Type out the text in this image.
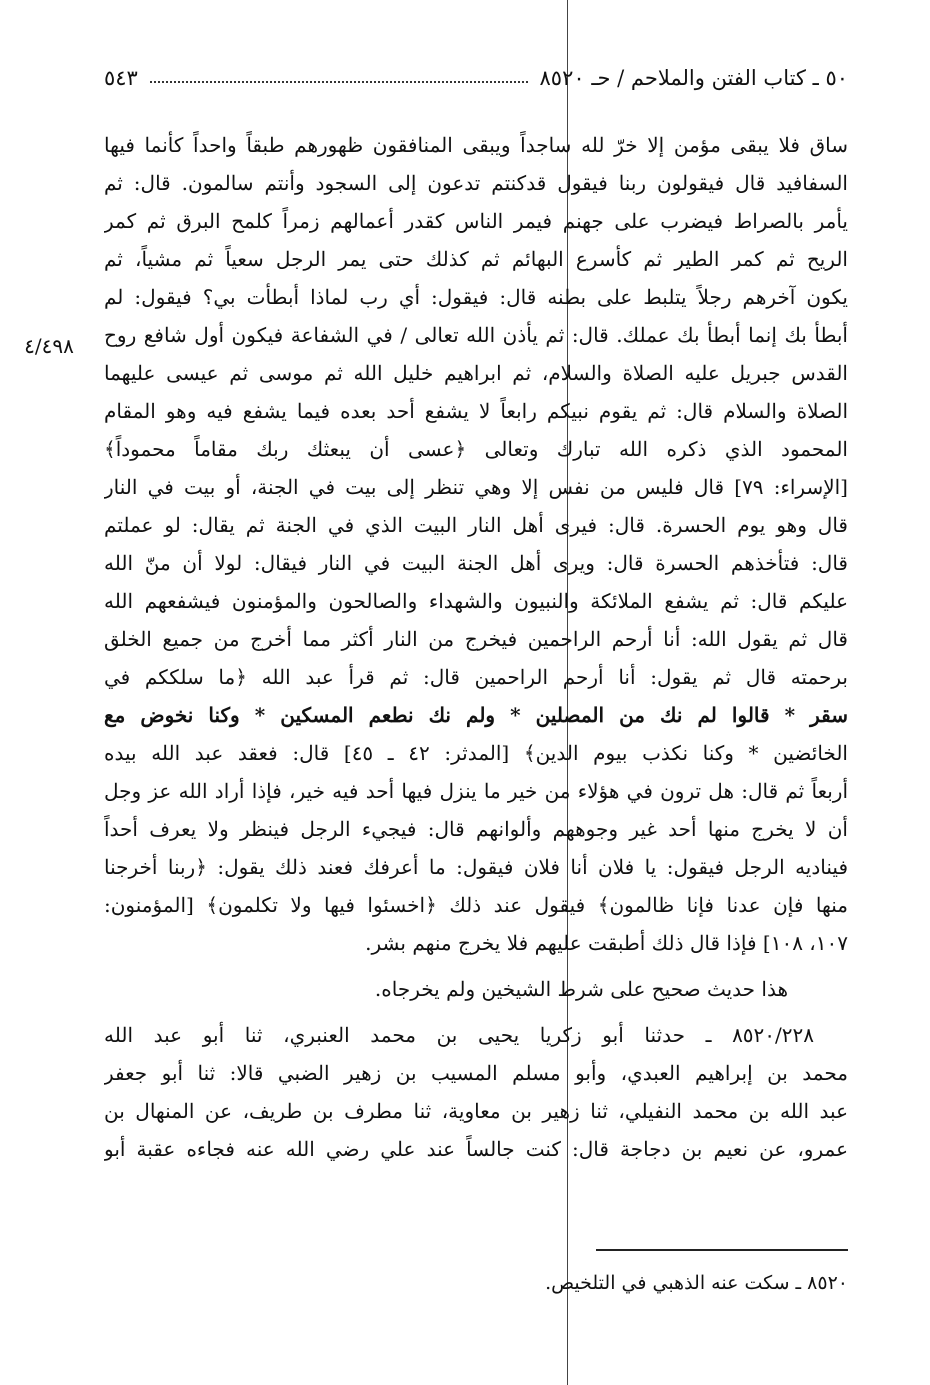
٥٠ ـ كتاب الفتن والملاحم / حـ ٨٥٢٠
٥٤٣
٤/٤٩٨
ساق فلا يبقى مؤمن إلا خرّ لله ساجداً ويبقى المنافقون ظهورهم طبقاً واحداً كأنما فيها
السفافيد قال فيقولون ربنا فيقول قدكنتم تدعون إلى السجود وأنتم سالمون. قال: ثم
يأمر بالصراط فيضرب على جهنم فيمر الناس كقدر أعمالهم زمراً كلمح البرق ثم كمر
الريح ثم كمر الطير ثم كأسرع البهائم ثم كذلك حتى يمر الرجل سعياً ثم مشياً، ثم
يكون آخرهم رجلاً يتلبط على بطنه قال: فيقول: أي رب لماذا أبطأت بي؟ فيقول: لم
أبطأ بك إنما أبطأ بك عملك. قال: ثم يأذن الله تعالى / في الشفاعة فيكون أول شافع روح
القدس جبريل عليه الصلاة والسلام، ثم ابراهيم خليل الله ثم موسى ثم عيسى عليهما
الصلاة والسلام قال: ثم يقوم نبيكم رابعاً لا يشفع أحد بعده فيما يشفع فيه وهو المقام
المحمود الذي ذكره الله تبارك وتعالى ﴿عسى أن يبعثك ربك مقاماً محموداً﴾
[الإسراء: ٧٩] قال فليس من نفس إلا وهي تنظر إلى بيت في الجنة، أو بيت في النار
قال وهو يوم الحسرة. قال: فيرى أهل النار البيت الذي في الجنة ثم يقال: لو عملتم
قال: فتأخذهم الحسرة قال: ويرى أهل الجنة البيت في النار فيقال: لولا أن منّ الله
عليكم قال: ثم يشفع الملائكة والنبيون والشهداء والصالحون والمؤمنون فيشفعهم الله
قال ثم يقول الله: أنا أرحم الراحمين فيخرج من النار أكثر مما أخرج من جميع الخلق
برحمته قال ثم يقول: أنا أرحم الراحمين قال: ثم قرأ عبد الله ﴿ما سلككم في
سقر * قالوا لم نك من المصلين * ولم نك نطعم المسكين * وكنا نخوض مع
الخائضين * وكنا نكذب بيوم الدين﴾ [المدثر: ٤٢ ـ ٤٥] قال: فعقد عبد الله بيده
أربعاً ثم قال: هل ترون في هؤلاء من خير ما ينزل فيها أحد فيه خير، فإذا أراد الله عز وجل
أن لا يخرج منها أحد غير وجوههم وألوانهم قال: فيجيء الرجل فينظر ولا يعرف أحداً
فيناديه الرجل فيقول: يا فلان أنا فلان فيقول: ما أعرفك فعند ذلك يقول: ﴿ربنا أخرجنا
منها فإن عدنا فإنا ظالمون﴾ فيقول عند ذلك ﴿اخسئوا فيها ولا تكلمون﴾ [المؤمنون:
١٠٧، ١٠٨] فإذا قال ذلك أطبقت عليهم فلا يخرج منهم بشر.
هذا حديث صحيح على شرط الشيخين ولم يخرجاه.
٨٥٢٠/٢٢٨ ـ حدثنا أبو زكريا يحيى بن محمد العنبري، ثنا أبو عبد الله
محمد بن إبراهيم العبدي، وأبو مسلم المسيب بن زهير الضبي قالا: ثنا أبو جعفر
عبد الله بن محمد النفيلي، ثنا زهير بن معاوية، ثنا مطرف بن طريف، عن المنهال بن
عمرو، عن نعيم بن دجاجة قال: كنت جالساً عند علي رضي الله عنه فجاءه عقبة أبو
٨٥٢٠ ـ سكت عنه الذهبي في التلخيص.
